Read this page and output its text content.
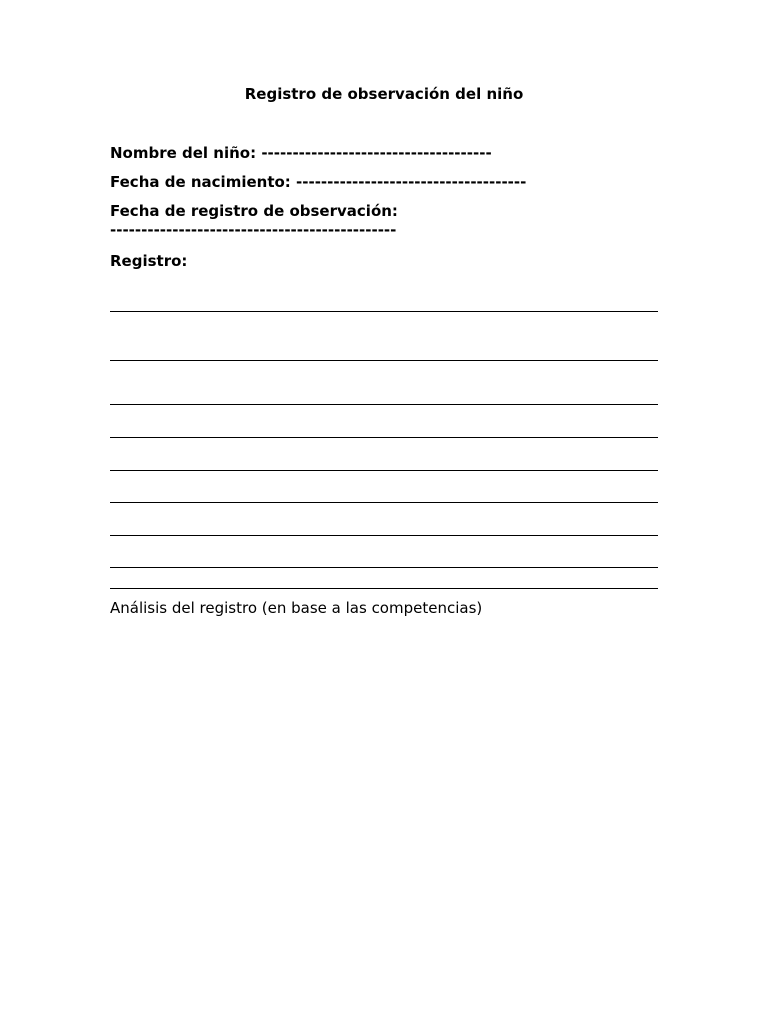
Registro de observación del niño
Nombre del niño: -------------------------------------
Fecha de nacimiento: -------------------------------------
Fecha de registro de observación:
----------------------------------------------
Registro:
Análisis del registro (en base a las competencias)
